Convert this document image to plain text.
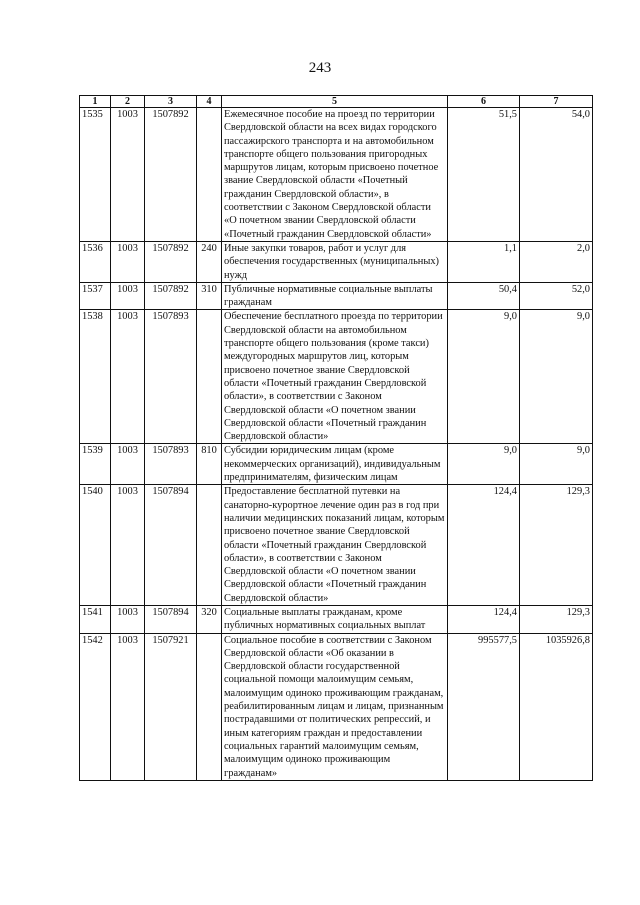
243
1	2	3	4	5	6	7
1535	1003	1507892		Ежемесячное пособие на проезд по территории Свердловской области на всех видах городского пассажирского транспорта и на автомобильном транспорте общего пользования пригородных маршрутов лицам, которым присвоено почетное звание Свердловской области «Почетный гражданин Свердловской области», в соответствии с Законом Свердловской области «О почетном звании Свердловской области «Почетный гражданин Свердловской области»	51,5	54,0
1536	1003	1507892	240	Иные закупки товаров, работ и услуг для обеспечения государственных (муниципальных) нужд	1,1	2,0
1537	1003	1507892	310	Публичные нормативные социальные выплаты гражданам	50,4	52,0
1538	1003	1507893		Обеспечение бесплатного проезда по территории Свердловской области на автомобильном транспорте общего пользования (кроме такси) междугородных маршрутов лиц, которым присвоено почетное звание Свердловской области «Почетный гражданин Свердловской области», в соответствии с Законом Свердловской области «О почетном звании Свердловской области «Почетный гражданин Свердловской области»	9,0	9,0
1539	1003	1507893	810	Субсидии юридическим лицам (кроме некоммерческих организаций), индивидуальным предпринимателям, физическим лицам	9,0	9,0
1540	1003	1507894		Предоставление бесплатной путевки на санаторно-курортное лечение один раз в год при наличии медицинских показаний лицам, которым присвоено почетное звание Свердловской области «Почетный гражданин Свердловской области», в соответствии с Законом Свердловской области «О почетном звании Свердловской области «Почетный гражданин Свердловской области»	124,4	129,3
1541	1003	1507894	320	Социальные выплаты гражданам, кроме публичных нормативных социальных выплат	124,4	129,3
1542	1003	1507921		Социальное пособие в соответствии с Законом Свердловской области «Об оказании в Свердловской области государственной социальной помощи малоимущим семьям, малоимущим одиноко проживающим гражданам, реабилитированным лицам и лицам, признанным пострадавшими от политических репрессий, и иным категориям граждан и предоставлении социальных гарантий малоимущим семьям, малоимущим одиноко проживающим гражданам»	995577,5	1035926,8
